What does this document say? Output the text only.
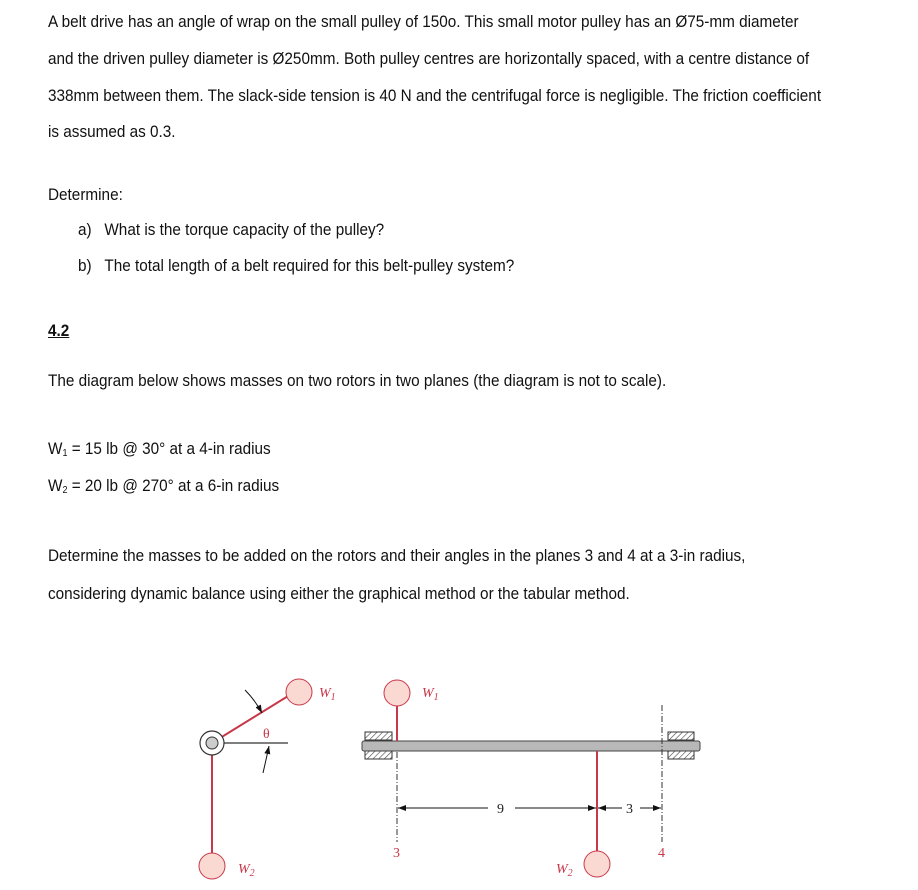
A belt drive has an angle of wrap on the small pulley of 150o. This small motor pulley has an Ø75-mm diameter
and the driven pulley diameter is Ø250mm. Both pulley centres are horizontally spaced, with a centre distance of
338mm between them. The slack-side tension is 40 N and the centrifugal force is negligible. The friction coefficient
is assumed as 0.3.
Determine:
a) What is the torque capacity of the pulley?
b) The total length of a belt required for this belt-pulley system?
4.2
The diagram below shows masses on two rotors in two planes (the diagram is not to scale).
$W_1 = 15$ lb @ 30° at a 4-in radius
$W_2 = 20$ lb @ 270° at a 6-in radius
Determine the masses to be added on the rotors and their angles in the planes 3 and 4 at a 3-in radius,
considering dynamic balance using either the graphical method or the tabular method.
θ
$W_1$
$W_2$
9	3
3	4
$W_1$
$W_2$
